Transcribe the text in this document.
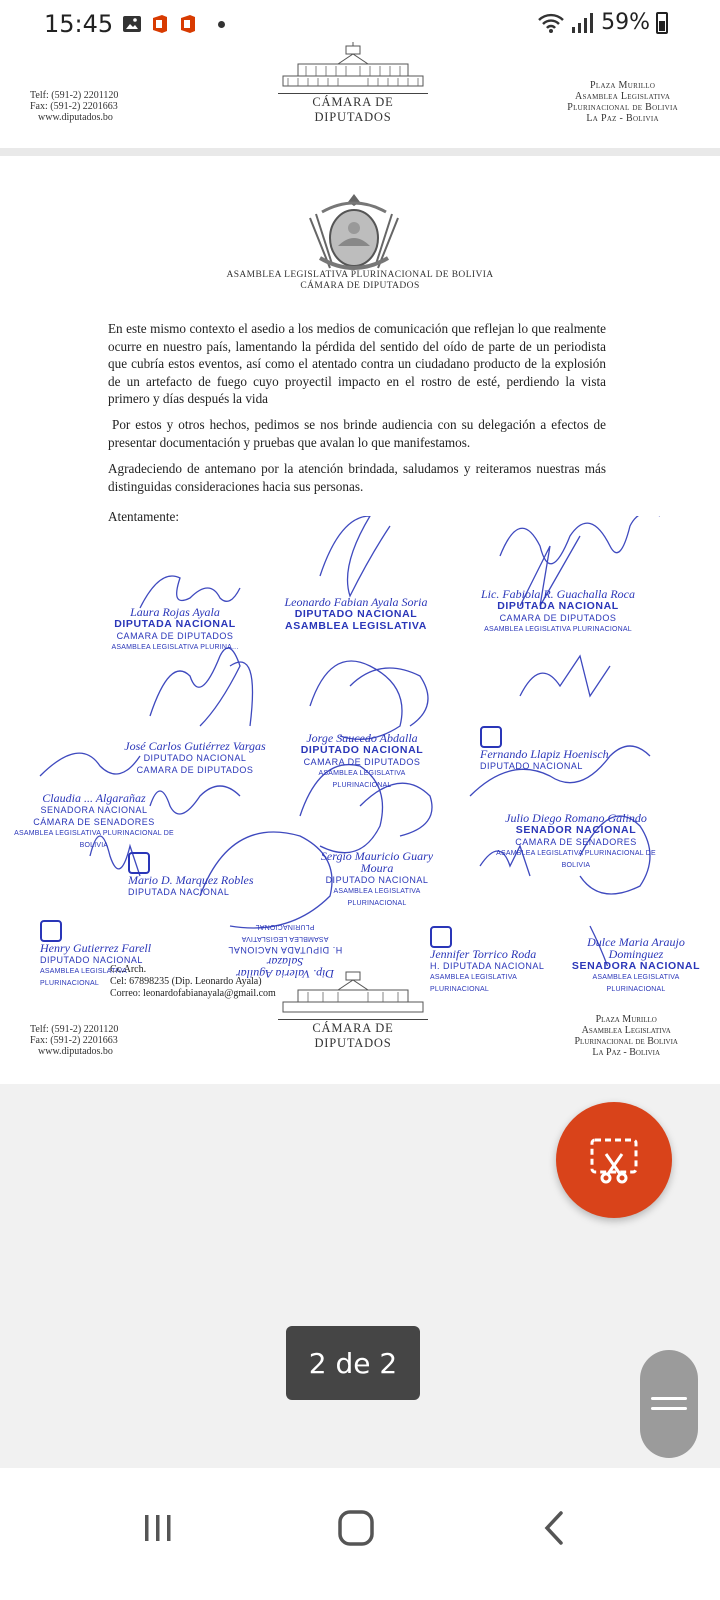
15:45	59%
Telf: (591-2) 2201120
Fax: (591-2) 2201663
www.diputados.bo
CÁMARA DE DIPUTADOS
Plaza Murillo
Asamblea Legislativa
Plurinacional de Bolivia
La Paz - Bolivia
ASAMBLEA LEGISLATIVA PLURINACIONAL DE BOLIVIA
CÁMARA DE DIPUTADOS
En este mismo contexto el asedio a los medios de comunicación que reflejan lo que realmente ocurre en nuestro país, lamentando la pérdida del sentido del oído de parte de un periodista que cubría estos eventos, así como el atentado contra un ciudadano producto de la explosión de un artefacto de fuego cuyo proyectil impacto en el rostro de esté, perdiendo la vista primero y días después la vida
Por estos y otros hechos, pedimos se nos brinde audiencia con su delegación a efectos de presentar documentación y pruebas que avalan lo que manifestamos.
Agradeciendo de antemano por la atención brindada, saludamos y reiteramos nuestras más distinguidas consideraciones hacia sus personas.
Atentamente:
Laura Rojas Ayala
DIPUTADA NACIONAL
CAMARA DE DIPUTADOS
ASAMBLEA LEGISLATIVA PLURINA...
Leonardo Fabian Ayala Soria
DIPUTADO NACIONAL
ASAMBLEA LEGISLATIVA
Lic. Fabiola R. Guachalla Roca
DIPUTADA NACIONAL
CAMARA DE DIPUTADOS
ASAMBLEA LEGISLATIVA PLURINACIONAL
José Carlos Gutiérrez Vargas
DIPUTADO NACIONAL
CAMARA DE DIPUTADOS
Jorge Saucedo Abdalla
DIPUTADO NACIONAL
CAMARA DE DIPUTADOS
ASAMBLEA LEGISLATIVA PLURINACIONAL

Fernando Llapiz Hoenisch
DIPUTADO NACIONAL
Claudia ... Algarañaz
SENADORA NACIONAL
CÁMARA DE SENADORES
ASAMBLEA LEGISLATIVA PLURINACIONAL DE BOLIVIA

Mario D. Marquez Robles
DIPUTADA NACIONAL
Sergio Mauricio Guary Moura
DIPUTADO NACIONAL
ASAMBLEA LEGISLATIVA PLURINACIONAL
Julio Diego Romano Galindo
SENADOR NACIONAL
CAMARA DE SENADORES
ASAMBLEA LEGISLATIVA PLURINACIONAL DE BOLIVIA

Henry Gutierrez Farell
DIPUTADO NACIONAL
ASAMBLEA LEGISLATIVA PLURINACIONAL
Dip. Valeria Aguilar Salazar
H. DIPUTADA NACIONAL
ASAMBLEA LEGISLATIVA PLURINACIONAL

Jennifer Torrico Roda
H. DIPUTADA NACIONAL
ASAMBLEA LEGISLATIVA PLURINACIONAL
Dulce Maria Araujo Dominguez
SENADORA NACIONAL
ASAMBLEA LEGISLATIVA PLURINACIONAL
Cc.Arch.
Cel: 67898235 (Dip. Leonardo Ayala)
Correo: leonardofabianayala@gmail.com
Telf: (591-2) 2201120
Fax: (591-2) 2201663
www.diputados.bo
CÁMARA DE DIPUTADOS
Plaza Murillo
Asamblea Legislativa
Plurinacional de Bolivia
La Paz - Bolivia
2 de 2
